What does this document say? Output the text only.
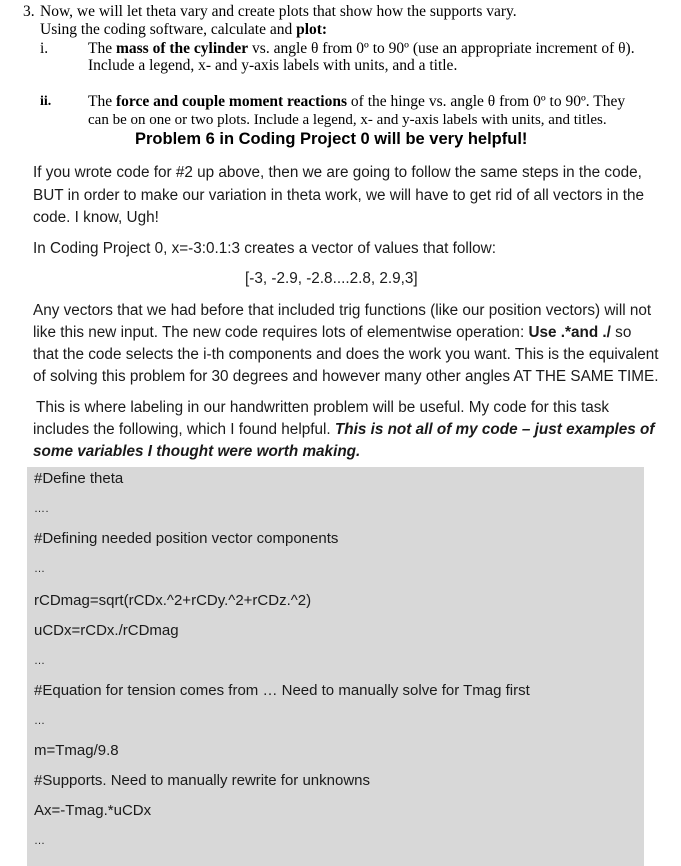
3. Now, we will let theta vary and create plots that show how the supports vary.
Using the coding software, calculate and plot:
i.	The mass of the cylinder vs. angle θ from 0º to 90º (use an appropriate increment of θ).
Include a legend, x- and y-axis labels with units, and a title.
ii. The force and couple moment reactions of the hinge vs. angle θ from 0º to 90º. They
can be on one or two plots. Include a legend, x- and y-axis labels with units, and titles.
Problem 6 in Coding Project 0 will be very helpful!
If you wrote code for #2 up above, then we are going to follow the same steps in the code,
BUT in order to make our variation in theta work, we will have to get rid of all vectors in the
code. I know, Ugh!
In Coding Project 0, x=-3:0.1:3 creates a vector of values that follow:
[-3, -2.9, -2.8....2.8, 2.9,3]
Any vectors that we had before that included trig functions (like our position vectors) will not
like this new input. The new code requires lots of elementwise operation: Use .*and ./ so
that the code selects the i-th components and does the work you want. This is the equivalent
of solving this problem for 30 degrees and however many other angles AT THE SAME TIME.
This is where labeling in our handwritten problem will be useful. My code for this task
includes the following, which I found helpful. This is not all of my code – just examples of
some variables I thought were worth making.
#Define theta
….
#Defining needed position vector components
…
rCDmag=sqrt(rCDx.^2+rCDy.^2+rCDz.^2)
uCDx=rCDx./rCDmag
…
#Equation for tension comes from … Need to manually solve for Tmag first
…
m=Tmag/9.8
#Supports. Need to manually rewrite for unknowns
Ax=-Tmag.*uCDx
…
